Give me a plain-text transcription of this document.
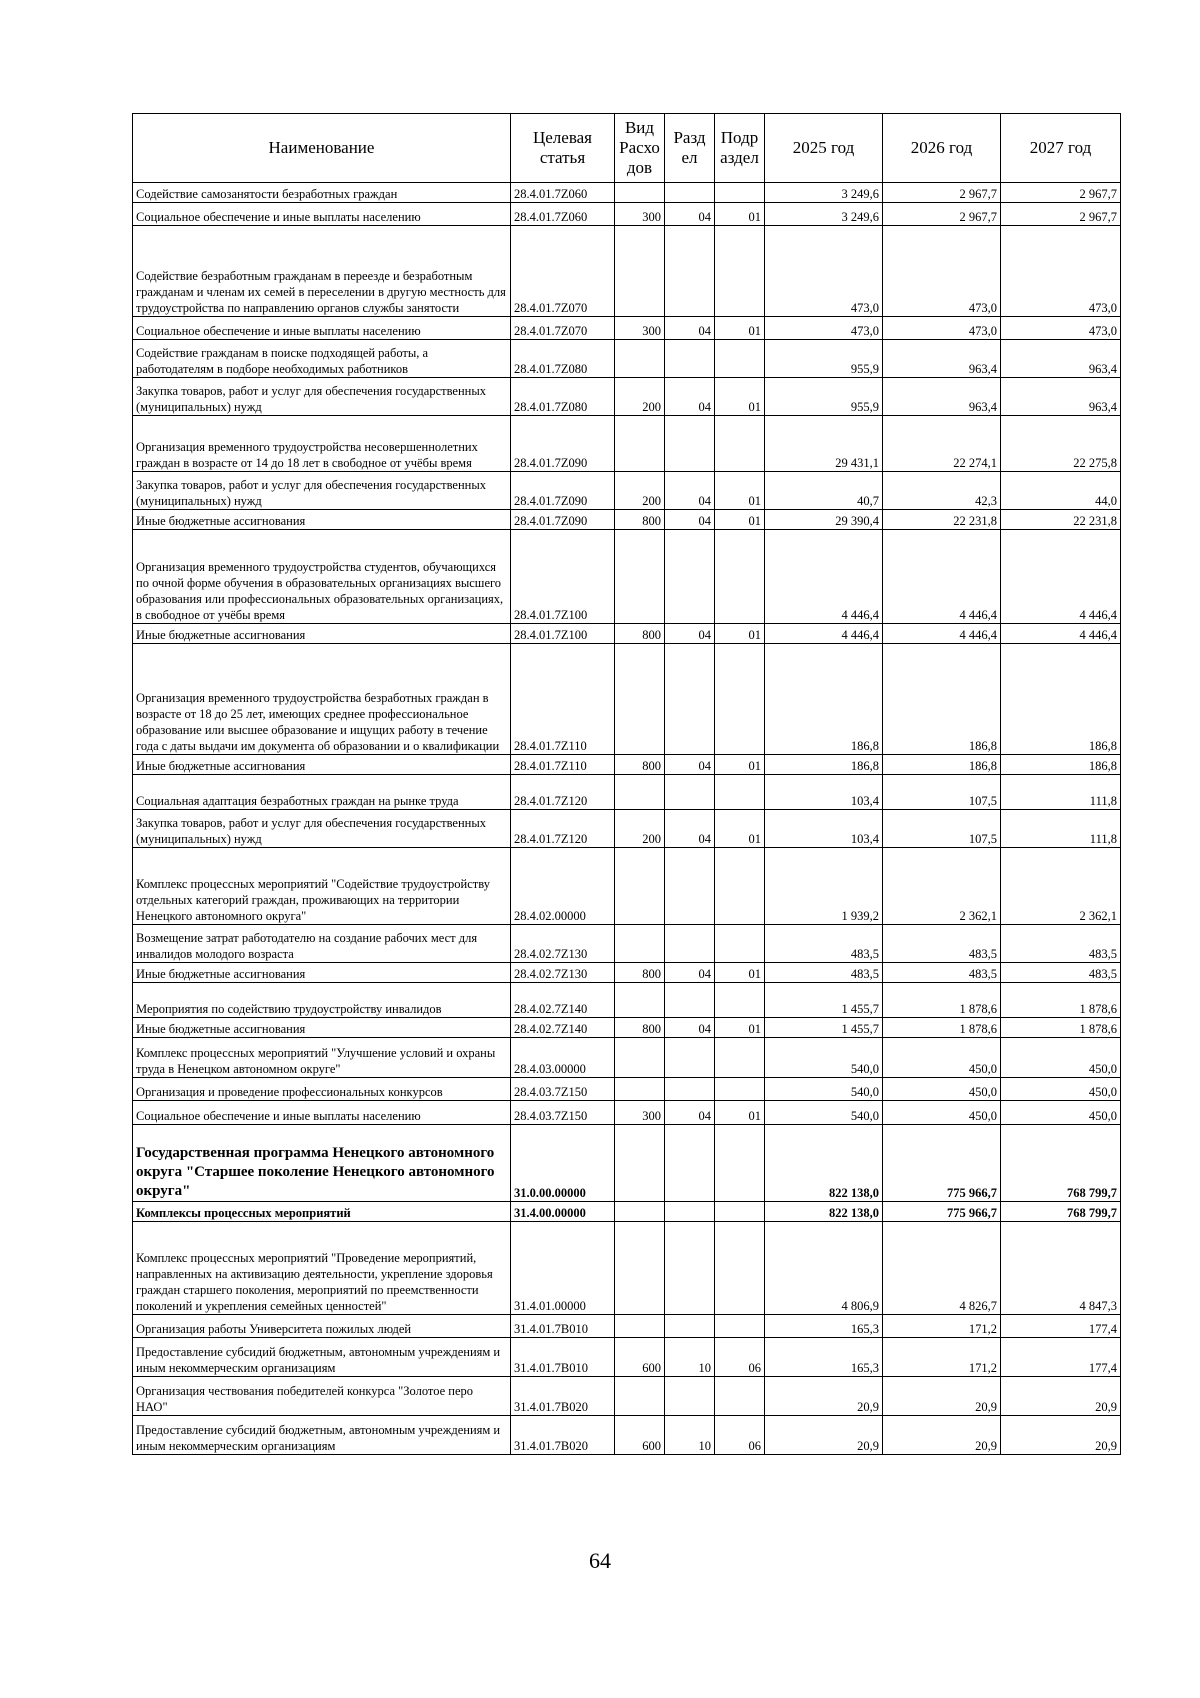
Наименование	Целевая статья	Вид Расхо дов	Разд ел	Подр аздел	2025 год	2026 год	2027 год
Содействие самозанятости безработных граждан	28.4.01.7Z060				3 249,6	2 967,7	2 967,7
Социальное обеспечение и иные выплаты населению	28.4.01.7Z060	300	04	01	3 249,6	2 967,7	2 967,7
Содействие безработным гражданам в переезде и безработным гражданам и членам их семей в переселении в другую местность для трудоустройства по направлению органов службы занятости	28.4.01.7Z070				473,0	473,0	473,0
Социальное обеспечение и иные выплаты населению	28.4.01.7Z070	300	04	01	473,0	473,0	473,0
Содействие гражданам в поиске подходящей работы, а работодателям в подборе необходимых работников	28.4.01.7Z080				955,9	963,4	963,4
Закупка товаров, работ и услуг для обеспечения государственных (муниципальных) нужд	28.4.01.7Z080	200	04	01	955,9	963,4	963,4
Организация временного трудоустройства несовершеннолетних граждан в возрасте от 14 до 18 лет в свободное от учёбы время	28.4.01.7Z090				29 431,1	22 274,1	22 275,8
Закупка товаров, работ и услуг для обеспечения государственных (муниципальных) нужд	28.4.01.7Z090	200	04	01	40,7	42,3	44,0
Иные бюджетные ассигнования	28.4.01.7Z090	800	04	01	29 390,4	22 231,8	22 231,8
Организация временного трудоустройства студентов, обучающихся по очной форме обучения в образовательных организациях высшего образования или профессиональных образовательных организациях, в свободное от учёбы время	28.4.01.7Z100				4 446,4	4 446,4	4 446,4
Иные бюджетные ассигнования	28.4.01.7Z100	800	04	01	4 446,4	4 446,4	4 446,4
Организация временного трудоустройства безработных граждан в возрасте от 18 до 25 лет, имеющих среднее профессиональное образование или высшее образование и ищущих работу в течение года с даты выдачи им документа об образовании и о квалификации	28.4.01.7Z110				186,8	186,8	186,8
Иные бюджетные ассигнования	28.4.01.7Z110	800	04	01	186,8	186,8	186,8
Социальная адаптация безработных граждан на рынке труда	28.4.01.7Z120				103,4	107,5	111,8
Закупка товаров, работ и услуг для обеспечения государственных (муниципальных) нужд	28.4.01.7Z120	200	04	01	103,4	107,5	111,8
Комплекс процессных мероприятий "Содействие трудоустройству отдельных категорий граждан, проживающих на территории Ненецкого автономного округа"	28.4.02.00000				1 939,2	2 362,1	2 362,1
Возмещение затрат работодателю на создание рабочих мест для инвалидов молодого возраста	28.4.02.7Z130				483,5	483,5	483,5
Иные бюджетные ассигнования	28.4.02.7Z130	800	04	01	483,5	483,5	483,5
Мероприятия по содействию трудоустройству инвалидов	28.4.02.7Z140				1 455,7	1 878,6	1 878,6
Иные бюджетные ассигнования	28.4.02.7Z140	800	04	01	1 455,7	1 878,6	1 878,6
Комплекс процессных мероприятий "Улучшение условий и охраны труда в Ненецком автономном округе"	28.4.03.00000				540,0	450,0	450,0
Организация и проведение профессиональных конкурсов	28.4.03.7Z150				540,0	450,0	450,0
Социальное обеспечение и иные выплаты населению	28.4.03.7Z150	300	04	01	540,0	450,0	450,0
Государственная программа Ненецкого автономного округа "Старшее поколение Ненецкого автономного округа"	31.0.00.00000				822 138,0	775 966,7	768 799,7
Комплексы процессных мероприятий	31.4.00.00000				822 138,0	775 966,7	768 799,7
Комплекс процессных мероприятий "Проведение мероприятий, направленных на активизацию деятельности, укрепление здоровья граждан старшего поколения, мероприятий по преемственности поколений и укрепления семейных ценностей"	31.4.01.00000				4 806,9	4 826,7	4 847,3
Организация работы Университета пожилых людей	31.4.01.7B010				165,3	171,2	177,4
Предоставление субсидий бюджетным, автономным учреждениям и иным некоммерческим организациям	31.4.01.7B010	600	10	06	165,3	171,2	177,4
Организация чествования победителей конкурса "Золотое перо НАО"	31.4.01.7B020				20,9	20,9	20,9
Предоставление субсидий бюджетным, автономным учреждениям и иным некоммерческим организациям	31.4.01.7B020	600	10	06	20,9	20,9	20,9
64
